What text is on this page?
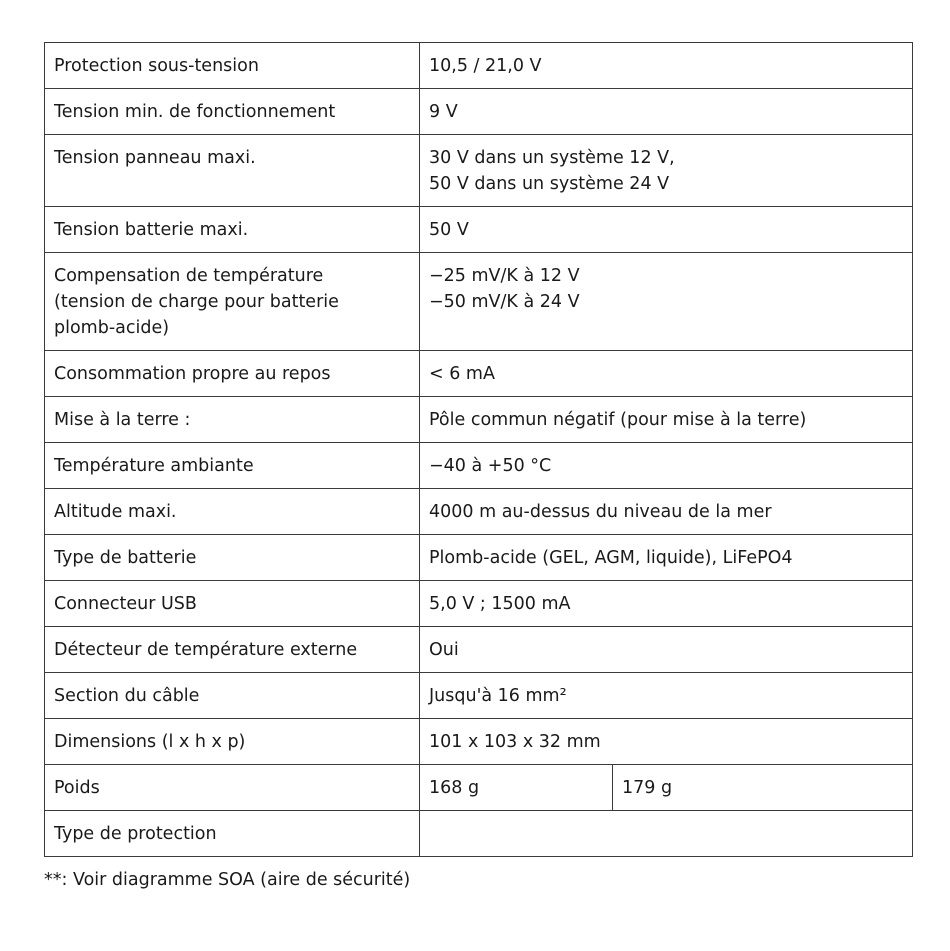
Protection sous-tension	10,5 / 21,0 V	
Tension min. de fonctionnement	9 V	
Tension panneau maxi.	30 V dans un système 12 V,
50 V dans un système 24 V	
Tension batterie maxi.	50 V	
Compensation de température
(tension de charge pour batterie
plomb-acide)	−25 mV/K à 12 V
−50 mV/K à 24 V	
Consommation propre au repos	< 6 mA	
Mise à la terre :	Pôle commun négatif (pour mise à la terre)	
Température ambiante	−40 à +50 °C	
Altitude maxi.	4000 m au-dessus du niveau de la mer	
Type de batterie	Plomb-acide (GEL, AGM, liquide), LiFePO4	
Connecteur USB	5,0 V ; 1500 mA	
Détecteur de température externe	Oui	
Section du câble	Jusqu'à 16 mm²	
Dimensions (l x h x p)	101 x 103 x 32 mm	
Poids	168 g	179 g
Type de protection		
**: Voir diagramme SOA (aire de sécurité)
